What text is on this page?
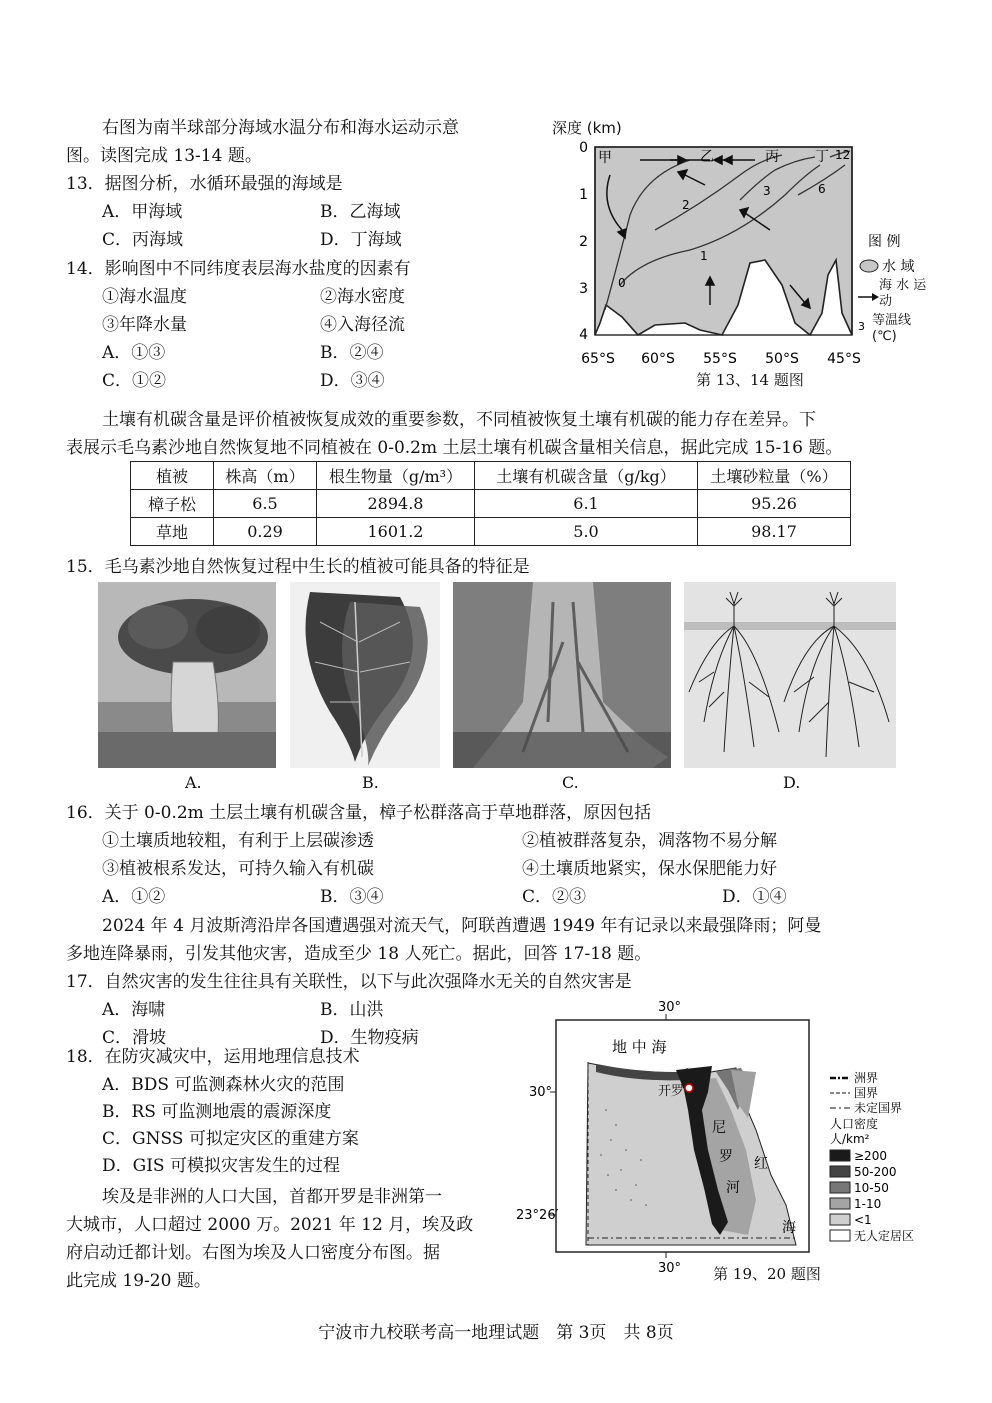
右图为南半球部分海域水温分布和海水运动示意
图。读图完成 13-14 题。
13．据图分析，水循环最强的海域是
A．甲海域	B．乙海域
C．丙海域	D．丁海域
14．影响图中不同纬度表层海水盐度的因素有
①海水温度	②海水密度
③年降水量	④入海径流
A．①③	B．②④
C．①②	D．③④
深度 (km)
甲	乙	丙	丁
0
1
2
3	6
12
0
1
2
3
4
65°S 60°S 55°S 50°S 45°S
图 例
水 域
海 水 运 动
3 等温线 (℃)
第 13、14 题图
土壤有机碳含量是评价植被恢复成效的重要参数，不同植被恢复土壤有机碳的能力存在差异。下
表展示毛乌素沙地自然恢复地不同植被在 0-0.2m 土层土壤有机碳含量相关信息，据此完成 15-16 题。
植被	株高（m）	根生物量（g/m³）	土壤有机碳含量（g/kg）	土壤砂粒量（%）
樟子松	6.5	2894.8	6.1	95.26
草地	0.29	1601.2	5.0	98.17
15．毛乌素沙地自然恢复过程中生长的植被可能具备的特征是
A.	B.	C.	D.
16．关于 0-0.2m 土层土壤有机碳含量，樟子松群落高于草地群落，原因包括
①土壤质地较粗，有利于上层碳渗透	②植被群落复杂，凋落物不易分解
③植被根系发达，可持久输入有机碳	④土壤质地紧实，保水保肥能力好
A．①②	B．③④	C．②③	D．①④
2024 年 4 月波斯湾沿岸各国遭遇强对流天气，阿联酋遭遇 1949 年有记录以来最强降雨；阿曼
多地连降暴雨，引发其他灾害，造成至少 18 人死亡。据此，回答 17-18 题。
17．自然灾害的发生往往具有关联性，以下与此次强降水无关的自然灾害是
A．海啸	B．山洪
C．滑坡	D．生物疫病
18．在防灾减灾中，运用地理信息技术
A．BDS 可监测森林火灾的范围
B．RS 可监测地震的震源深度
C．GNSS 可拟定灾区的重建方案
D．GIS 可模拟灾害发生的过程
埃及是非洲的人口大国，首都开罗是非洲第一
大城市，人口超过 2000 万。2021 年 12 月，埃及政
府启动迁都计划。右图为埃及人口密度分布图。据
此完成 19-20 题。
30°
30°
30°
23°26′
地 中 海
开罗
尼
罗
河
红
海
洲界
国界
未定国界
人口密度
人/km²
≥200
50-200
10-50
1-10
<1
无人定居区
第 19、20 题图
宁波市九校联考高一地理试题　第 3页　共 8页
